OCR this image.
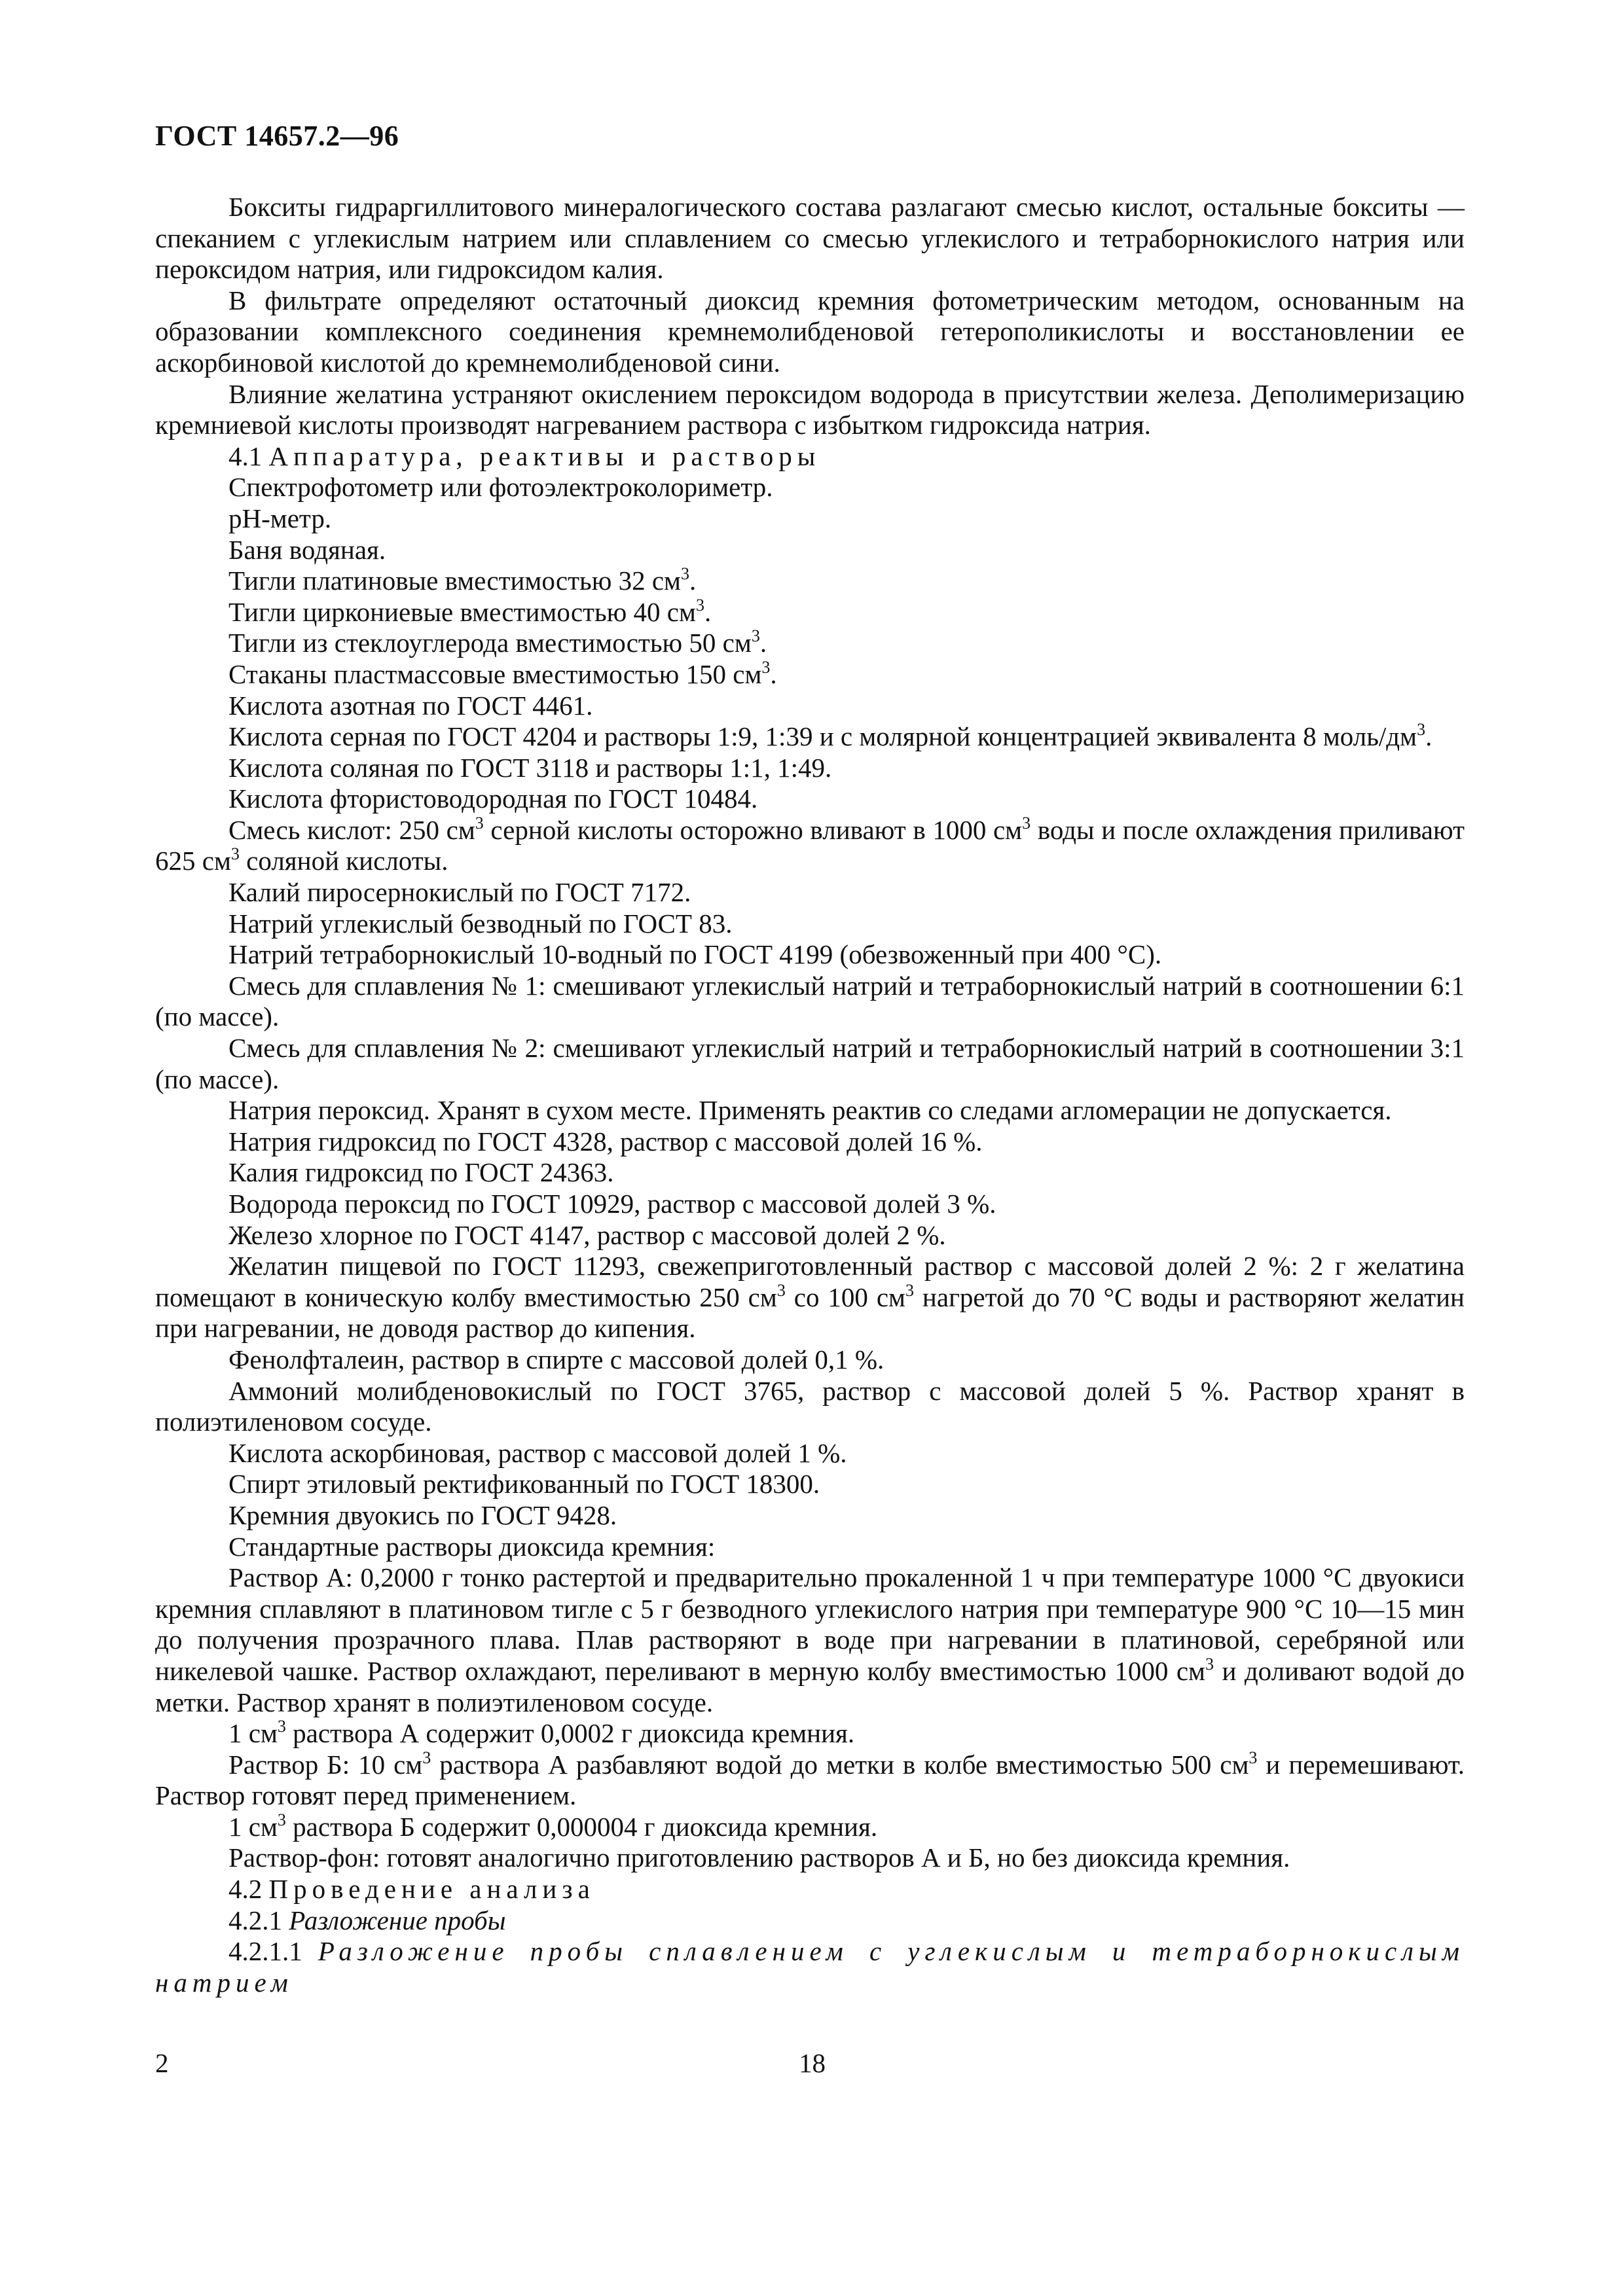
ГОСТ 14657.2—96

Бокситы гидраргиллитового минералогического состава разлагают смесью кислот, остальные бокситы — спеканием с углекислым натрием или сплавлением со смесью углекислого и тетраборнокислого натрия или пероксидом натрия, или гидроксидом калия.

В фильтрате определяют остаточный диоксид кремния фотометрическим методом, основанным на образовании комплексного соединения кремнемолибденовой гетерополикислоты и восстановлении ее аскорбиновой кислотой до кремнемолибденовой сини.

Влияние желатина устраняют окислением пероксидом водорода в присутствии железа. Деполимеризацию кремниевой кислоты производят нагреванием раствора с избытком гидроксида натрия.

4.1 Аппаратура, реактивы и растворы

Спектрофотометр или фотоэлектроколориметр.

рН-метр.

Баня водяная.

Тигли платиновые вместимостью 32 $см^3$.

Тигли циркониевые вместимостью 40 $см^3$.

Тигли из стеклоуглерода вместимостью 50 $см^3$.

Стаканы пластмассовые вместимостью 150 $см^3$.

Кислота азотная по ГОСТ 4461.

Кислота серная по ГОСТ 4204 и растворы 1:9, 1:39 и с молярной концентрацией эквивалента 8 моль/$дм^3$.

Кислота соляная по ГОСТ 3118 и растворы 1:1, 1:49.

Кислота фтористоводородная по ГОСТ 10484.

Смесь кислот: 250 $см^3$ серной кислоты осторожно вливают в 1000 $см^3$ воды и после охлаждения приливают 625 $см^3$ соляной кислоты.

Калий пиросернокислый по ГОСТ 7172.

Натрий углекислый безводный по ГОСТ 83.

Натрий тетраборнокислый 10-водный по ГОСТ 4199 (обезвоженный при 400 °С).

Смесь для сплавления № 1: смешивают углекислый натрий и тетраборнокислый натрий в соотношении 6:1 (по массе).

Смесь для сплавления № 2: смешивают углекислый натрий и тетраборнокислый натрий в соотношении 3:1 (по массе).

Натрия пероксид. Хранят в сухом месте. Применять реактив со следами агломерации не допускается.

Натрия гидроксид по ГОСТ 4328, раствор с массовой долей 16 %.

Калия гидроксид по ГОСТ 24363.

Водорода пероксид по ГОСТ 10929, раствор с массовой долей 3 %.

Железо хлорное по ГОСТ 4147, раствор с массовой долей 2 %.

Желатин пищевой по ГОСТ 11293, свежеприготовленный раствор с массовой долей 2 %: 2 г желатина помещают в коническую колбу вместимостью 250 $см^3$ со 100 $см^3$ нагретой до 70 °С воды и растворяют желатин при нагревании, не доводя раствор до кипения.

Фенолфталеин, раствор в спирте с массовой долей 0,1 %.

Аммоний молибденовокислый по ГОСТ 3765, раствор с массовой долей 5 %. Раствор хранят в полиэтиленовом сосуде.

Кислота аскорбиновая, раствор с массовой долей 1 %.

Спирт этиловый ректификованный по ГОСТ 18300.

Кремния двуокись по ГОСТ 9428.

Стандартные растворы диоксида кремния:

Раствор А: 0,2000 г тонко растертой и предварительно прокаленной 1 ч при температуре 1000 °С двуокиси кремния сплавляют в платиновом тигле с 5 г безводного углекислого натрия при температуре 900 °С 10—15 мин до получения прозрачного плава. Плав растворяют в воде при нагревании в платиновой, серебряной или никелевой чашке. Раствор охлаждают, переливают в мерную колбу вместимостью 1000 $см^3$ и доливают водой до метки. Раствор хранят в полиэтиленовом сосуде.

1 $см^3$ раствора А содержит 0,0002 г диоксида кремния.

Раствор Б: 10 $см^3$ раствора А разбавляют водой до метки в колбе вместимостью 500 $см^3$ и перемешивают. Раствор готовят перед применением.

1 $см^3$ раствора Б содержит 0,000004 г диоксида кремния.

Раствор-фон: готовят аналогично приготовлению растворов А и Б, но без диоксида кремния.

4.2 Проведение анализа

4.2.1 Разложение пробы

4.2.1.1 Разложение пробы сплавлением с углекислым и тетраборнокислым натрием

2	18
